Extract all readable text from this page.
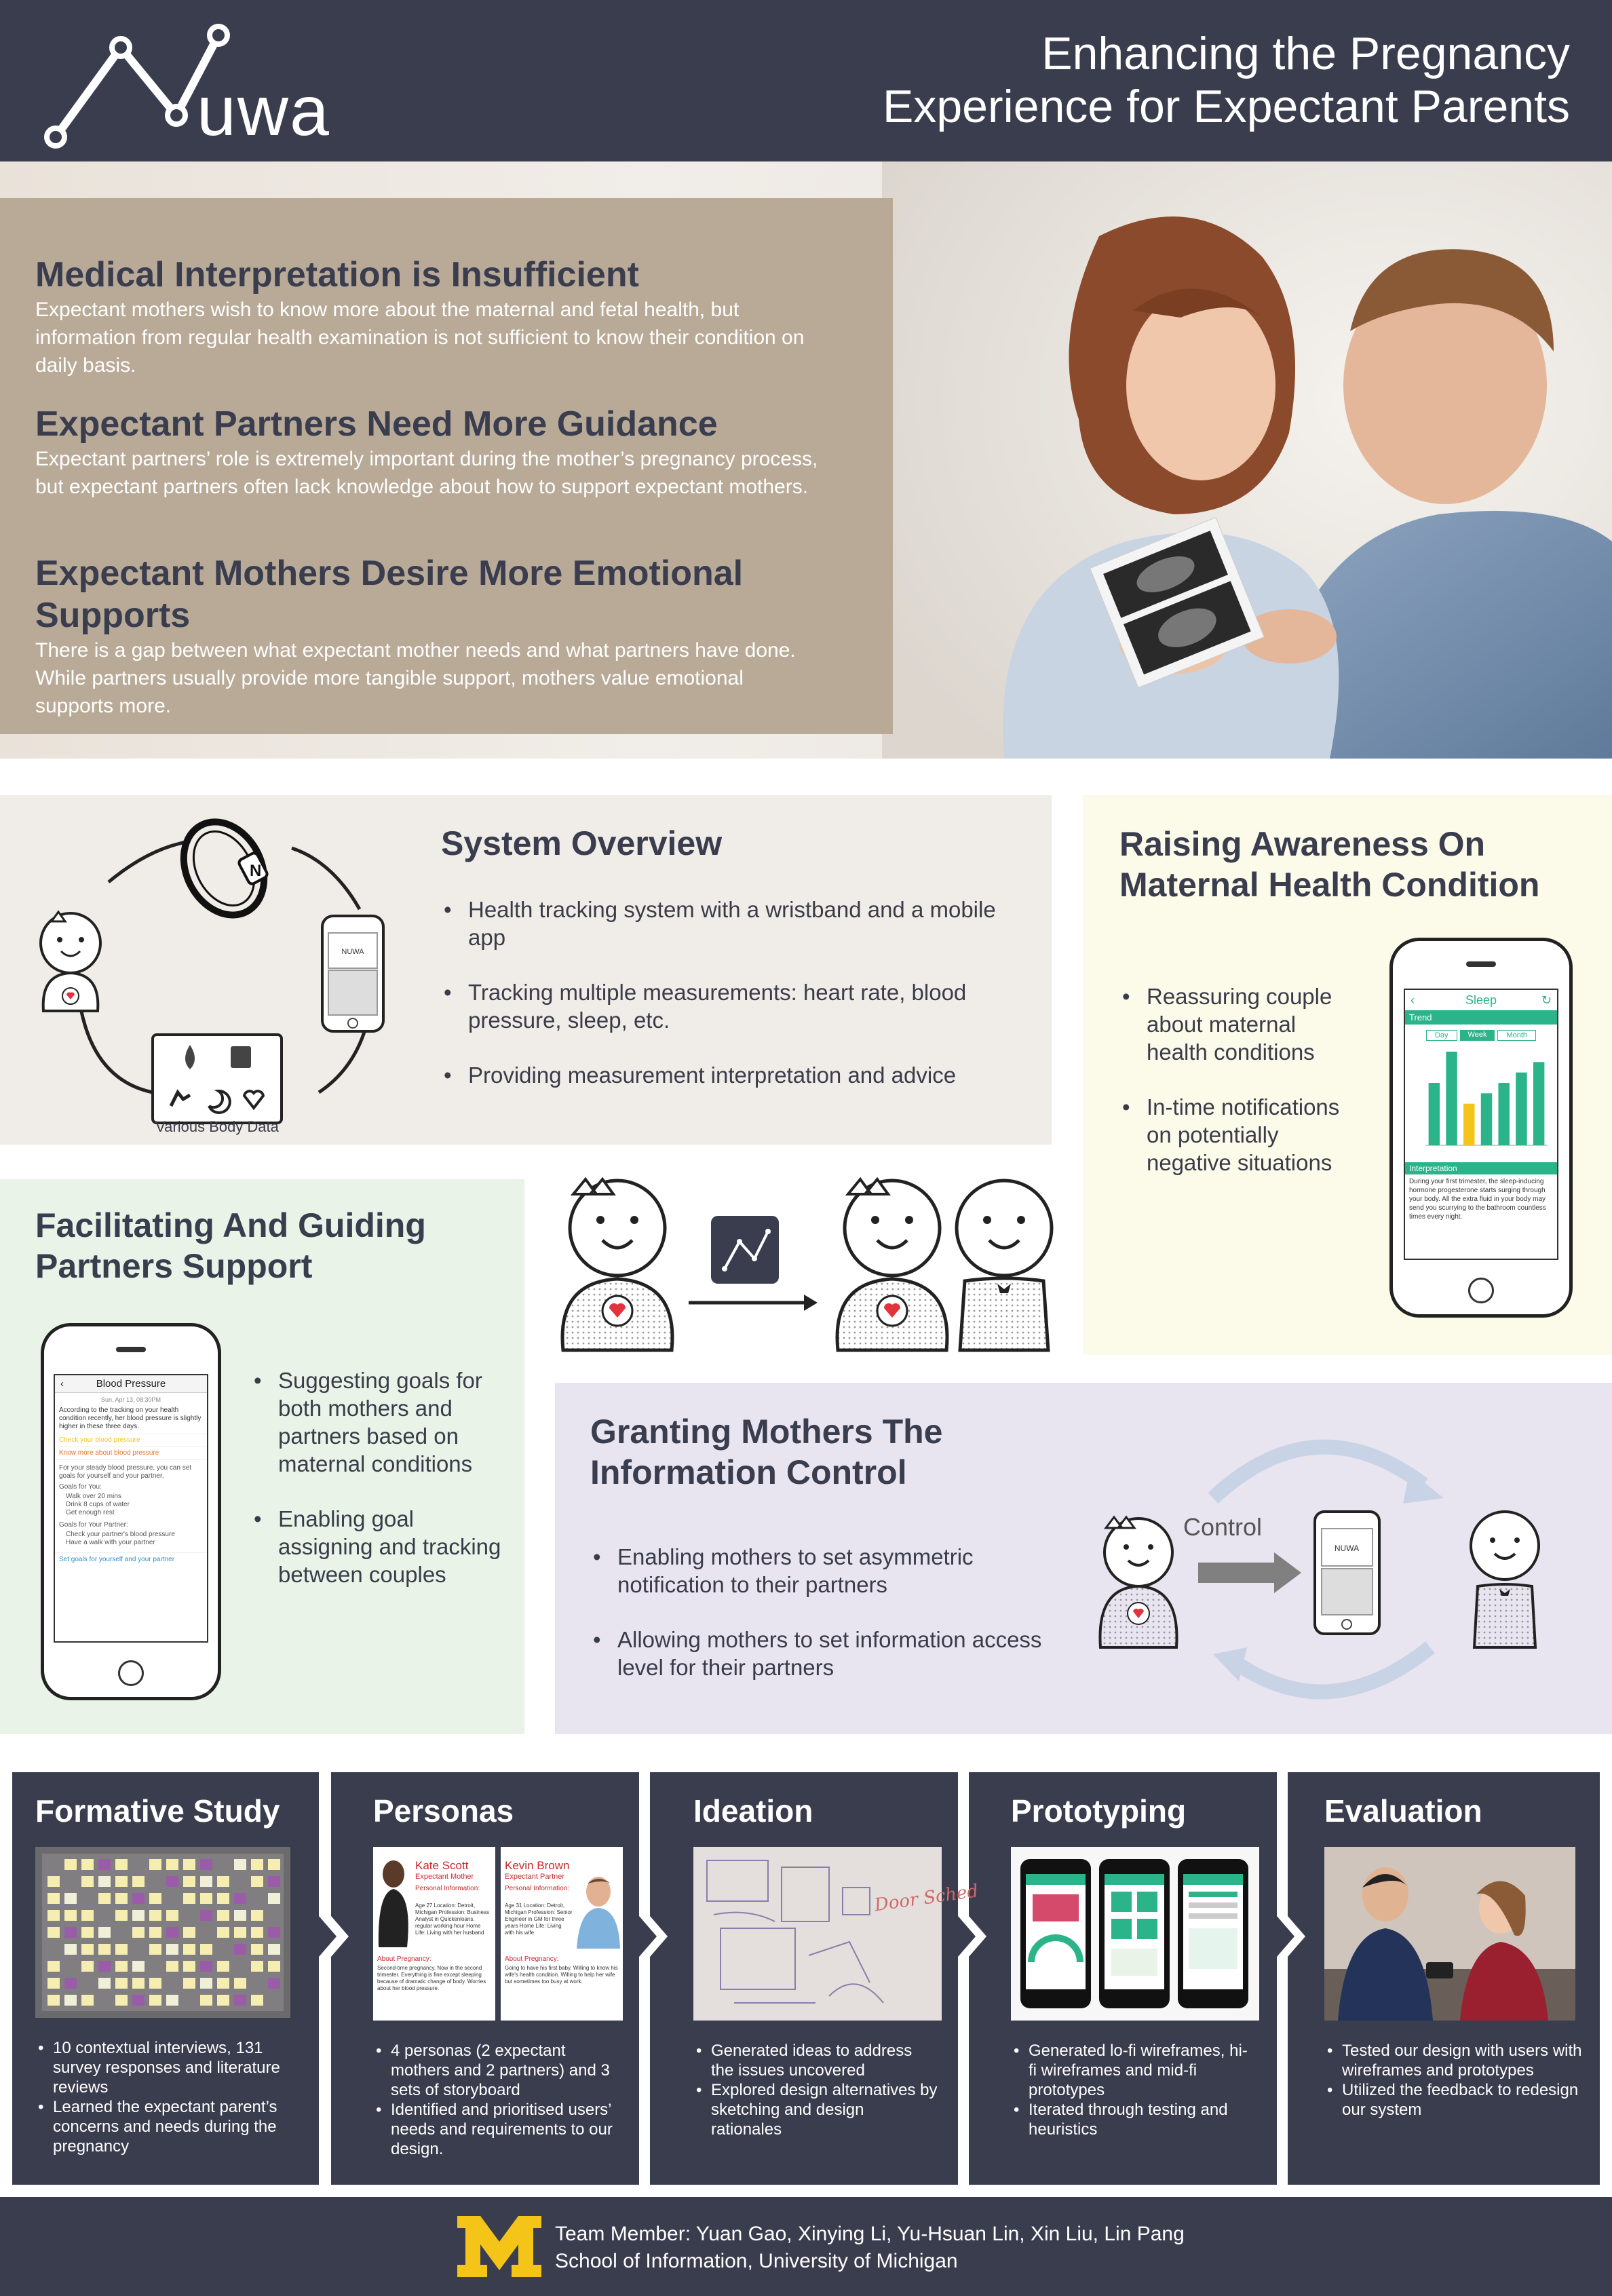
uwa
Enhancing the Pregnancy
Experience for Expectant Parents
Medical Interpretation is Insufficient
Expectant mothers wish to know more about the maternal and fetal health, but information from regular health examination is not sufficient to know their condition on daily basis.
Expectant Partners Need More Guidance
Expectant partners’ role is extremely important during the mother’s pregnancy process, but expectant partners often lack knowledge about how to support expectant mothers.
Expectant Mothers Desire More Emotional Supports
There is a gap between what expectant mother needs and what partners have done. While partners usually provide more tangible support, mothers value emotional supports more.
N
NUWA
Various Body Data
System Overview
• Health tracking system with a wristband and a mobile app
• Tracking multiple measurements: heart rate, blood pressure, sleep, etc.
• Providing measurement interpretation and advice
Raising Awareness On
Maternal Health Condition
• Reassuring couple about maternal health conditions
• In-time notifications on potentially negative situations
‹	Sleep	↻
Trend
Day	Week	Month
Interpretation
During your first trimester, the sleep-inducing hormone progesterone starts surging through your body. All the extra fluid in your body may send you scurrying to the bathroom countless times every night.
Facilitating And Guiding
Partners Support
‹	Blood Pressure
Sun, Apr 13, 08:30PM
According to the tracking on your health condition recently, her blood pressure is slightly higher in these three days.
Check your blood pressure
Know more about blood pressure
For your steady blood pressure, you can set goals for yourself and your partner.
Goals for You:
Walk over 20 mins
Drink 8 cups of water
Get enough rest
Goals for Your Partner:
Check your partner's blood pressure
Have a walk with your partner
Set goals for yourself and your partner
• Suggesting goals for both mothers and partners based on maternal conditions
• Enabling goal assigning and tracking between couples
Granting Mothers The
Information Control
• Enabling mothers to set asymmetric notification to their partners
• Allowing mothers to set information access level for their partners
NUWA
Control
Formative Study
• 10 contextual interviews, 131 survey responses and literature reviews
• Learned the expectant parent’s concerns and needs during the pregnancy
Personas
Kate Scott
Expectant Mother
Personal Information:
Age 27 Location: Detroit, Michigan Profession: Business Analyst in Quickenloans, regular working hour Home Life: Living with her husband
About Pregnancy:
Second-time pregnancy. Now in the second trimester. Everything is fine except sleeping because of dramatic change of body. Worries about her blood pressure.
Kevin Brown
Expectant Partner
Personal Information:
Age 31 Location: Detroit, Michigan Profession: Senior Engineer in GM for three years Home Life: Living with his wife
About Pregnancy:
Going to have his first baby. Willing to know his wife's health condition. Willing to help her wife but sometimes too busy at work.
• 4 personas (2 expectant mothers and 2 partners) and 3 sets of storyboard
• Identified and prioritised users’ needs and requirements to our design.
Ideation
Door Sched
• Generated ideas to address the issues uncovered
• Explored design alternatives by sketching and design rationales
Prototyping
• Generated lo-fi wireframes, hi-fi wireframes and mid-fi prototypes
• Iterated through testing and heuristics
Evaluation
• Tested our design with users with wireframes and prototypes
• Utilized the feedback to redesign our system
Team Member: Yuan Gao, Xinying Li, Yu-Hsuan Lin, Xin Liu, Lin Pang
School of Information, University of Michigan
